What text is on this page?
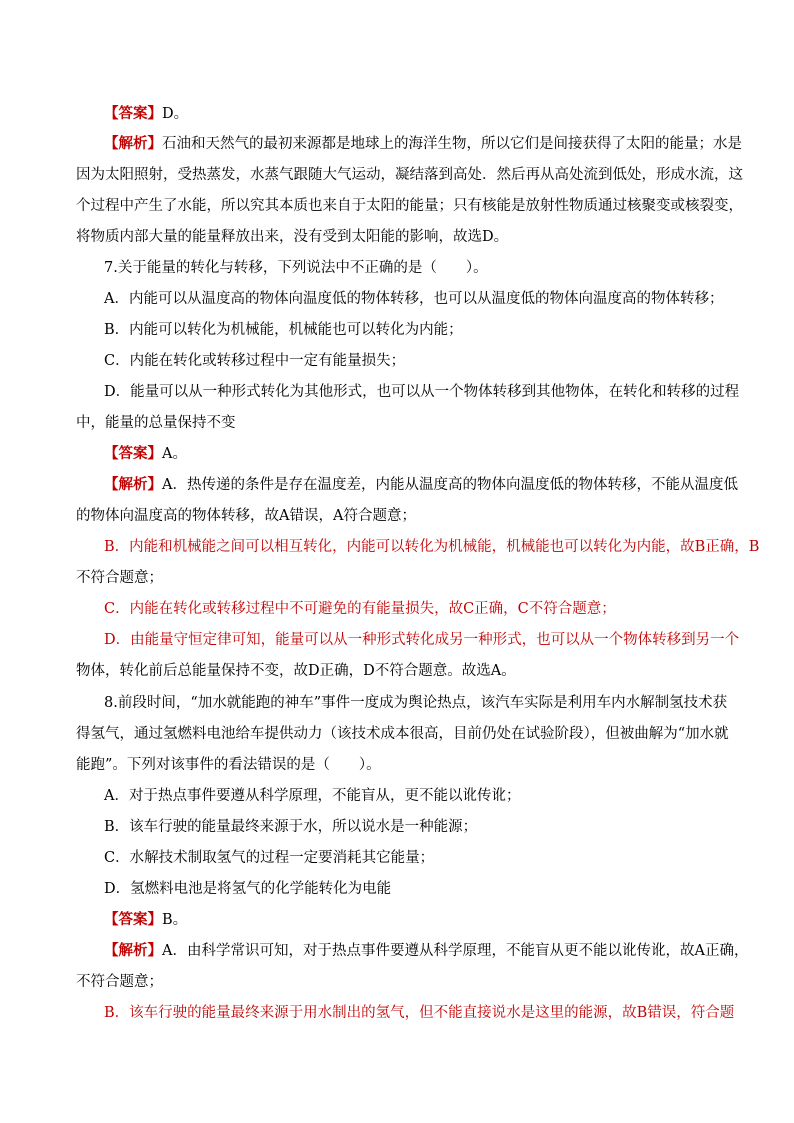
【答案】D。
【解析】石油和天然气的最初来源都是地球上的海洋生物，所以它们是间接获得了太阳的能量；水是
因为太阳照射，受热蒸发，水蒸气跟随大气运动，凝结落到高处．然后再从高处流到低处，形成水流，这
个过程中产生了水能，所以究其本质也来自于太阳的能量；只有核能是放射性物质通过核聚变或核裂变，
将物质内部大量的能量释放出来，没有受到太阳能的影响，故选D。
7.关于能量的转化与转移，下列说法中不正确的是（　　）。
A．内能可以从温度高的物体向温度低的物体转移，也可以从温度低的物体向温度高的物体转移；
B．内能可以转化为机械能，机械能也可以转化为内能；
C．内能在转化或转移过程中一定有能量损失；
D．能量可以从一种形式转化为其他形式，也可以从一个物体转移到其他物体，在转化和转移的过程
中，能量的总量保持不变
【答案】A。
【解析】A．热传递的条件是存在温度差，内能从温度高的物体向温度低的物体转移，不能从温度低
的物体向温度高的物体转移，故A错误，A符合题意；
B．内能和机械能之间可以相互转化，内能可以转化为机械能，机械能也可以转化为内能，故B正确，B
不符合题意；
C．内能在转化或转移过程中不可避免的有能量损失，故C正确，C不符合题意；
D．由能量守恒定律可知，能量可以从一种形式转化成另一种形式，也可以从一个物体转移到另一个
物体，转化前后总能量保持不变，故D正确，D不符合题意。故选A。
8.前段时间，“加水就能跑的神车”事件一度成为舆论热点，该汽车实际是利用车内水解制氢技术获
得氢气，通过氢燃料电池给车提供动力（该技术成本很高，目前仍处在试验阶段），但被曲解为“加水就
能跑”。下列对该事件的看法错误的是（　　）。
A．对于热点事件要遵从科学原理，不能盲从，更不能以讹传讹；
B．该车行驶的能量最终来源于水，所以说水是一种能源；
C．水解技术制取氢气的过程一定要消耗其它能量；
D．氢燃料电池是将氢气的化学能转化为电能
【答案】B。
【解析】A．由科学常识可知，对于热点事件要遵从科学原理，不能盲从更不能以讹传讹，故A正确，
不符合题意；
B．该车行驶的能量最终来源于用水制出的氢气，但不能直接说水是这里的能源，故B错误，符合题
